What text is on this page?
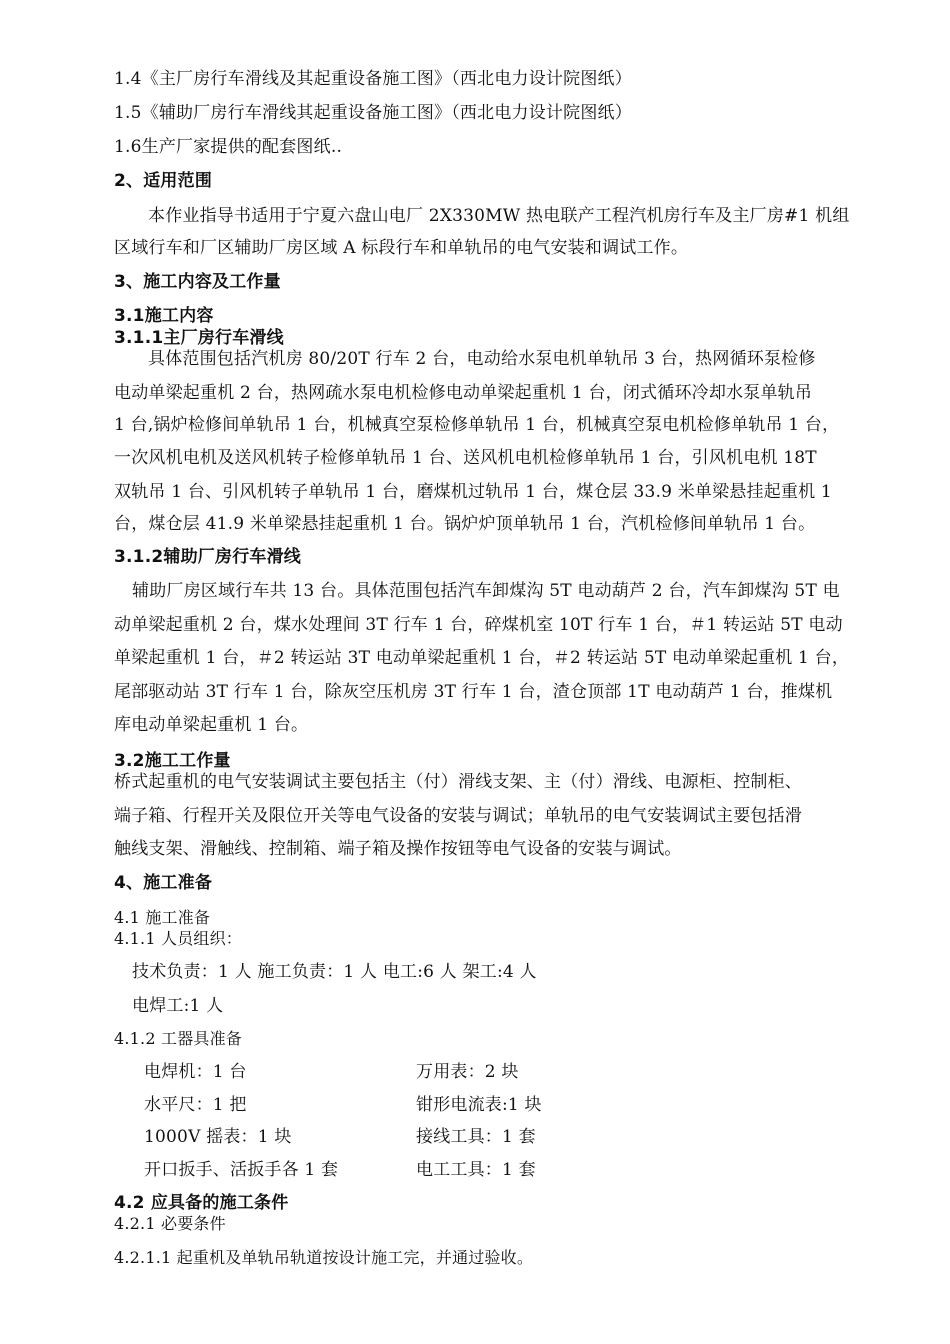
1.4《主厂房行车滑线及其起重设备施工图》（西北电力设计院图纸）
1.5《辅助厂房行车滑线其起重设备施工图》（西北电力设计院图纸）
1.6生产厂家提供的配套图纸..
2、适用范围
本作业指导书适用于宁夏六盘山电厂 2X330MW 热电联产工程汽机房行车及主厂房#1 机组
区域行车和厂区辅助厂房区域 A 标段行车和单轨吊的电气安装和调试工作。
3、施工内容及工作量
3.1施工内容
3.1.1主厂房行车滑线
具体范围包括汽机房 80/20T 行车 2 台，电动给水泵电机单轨吊 3 台，热网循环泵检修
电动单梁起重机 2 台，热网疏水泵电机检修电动单梁起重机 1 台，闭式循环冷却水泵单轨吊
1 台,锅炉检修间单轨吊 1 台，机械真空泵检修单轨吊 1 台，机械真空泵电机检修单轨吊 1 台，
一次风机电机及送风机转子检修单轨吊 1 台、送风机电机检修单轨吊 1 台，引风机电机 18T
双轨吊 1 台、引风机转子单轨吊 1 台，磨煤机过轨吊 1 台，煤仓层 33.9 米单梁悬挂起重机 1
台，煤仓层 41.9 米单梁悬挂起重机 1 台。锅炉炉顶单轨吊 1 台，汽机检修间单轨吊 1 台。
3.1.2辅助厂房行车滑线
辅助厂房区域行车共 13 台。具体范围包括汽车卸煤沟 5T 电动葫芦 2 台，汽车卸煤沟 5T 电
动单梁起重机 2 台，煤水处理间 3T 行车 1 台，碎煤机室 10T 行车 1 台，＃1 转运站 5T 电动
单梁起重机 1 台，＃2 转运站 3T 电动单梁起重机 1 台，＃2 转运站 5T 电动单梁起重机 1 台，
尾部驱动站 3T 行车 1 台，除灰空压机房 3T 行车 1 台，渣仓顶部 1T 电动葫芦 1 台，推煤机
库电动单梁起重机 1 台。
3.2施工工作量
桥式起重机的电气安装调试主要包括主（付）滑线支架、主（付）滑线、电源柜、控制柜、
端子箱、行程开关及限位开关等电气设备的安装与调试；单轨吊的电气安装调试主要包括滑
触线支架、滑触线、控制箱、端子箱及操作按钮等电气设备的安装与调试。
4、施工准备
4.1 施工准备
4.1.1 人员组织：
技术负责：1 人 施工负责：1 人 电工:6 人 架工:4 人
电焊工:1 人
4.1.2 工器具准备
电焊机：1 台	万用表：2 块
水平尺：1 把	钳形电流表:1 块
1000V 摇表：1 块	接线工具：1 套
开口扳手、活扳手各 1 套	电工工具：1 套
4.2 应具备的施工条件
4.2.1 必要条件
4.2.1.1 起重机及单轨吊轨道按设计施工完，并通过验收。
